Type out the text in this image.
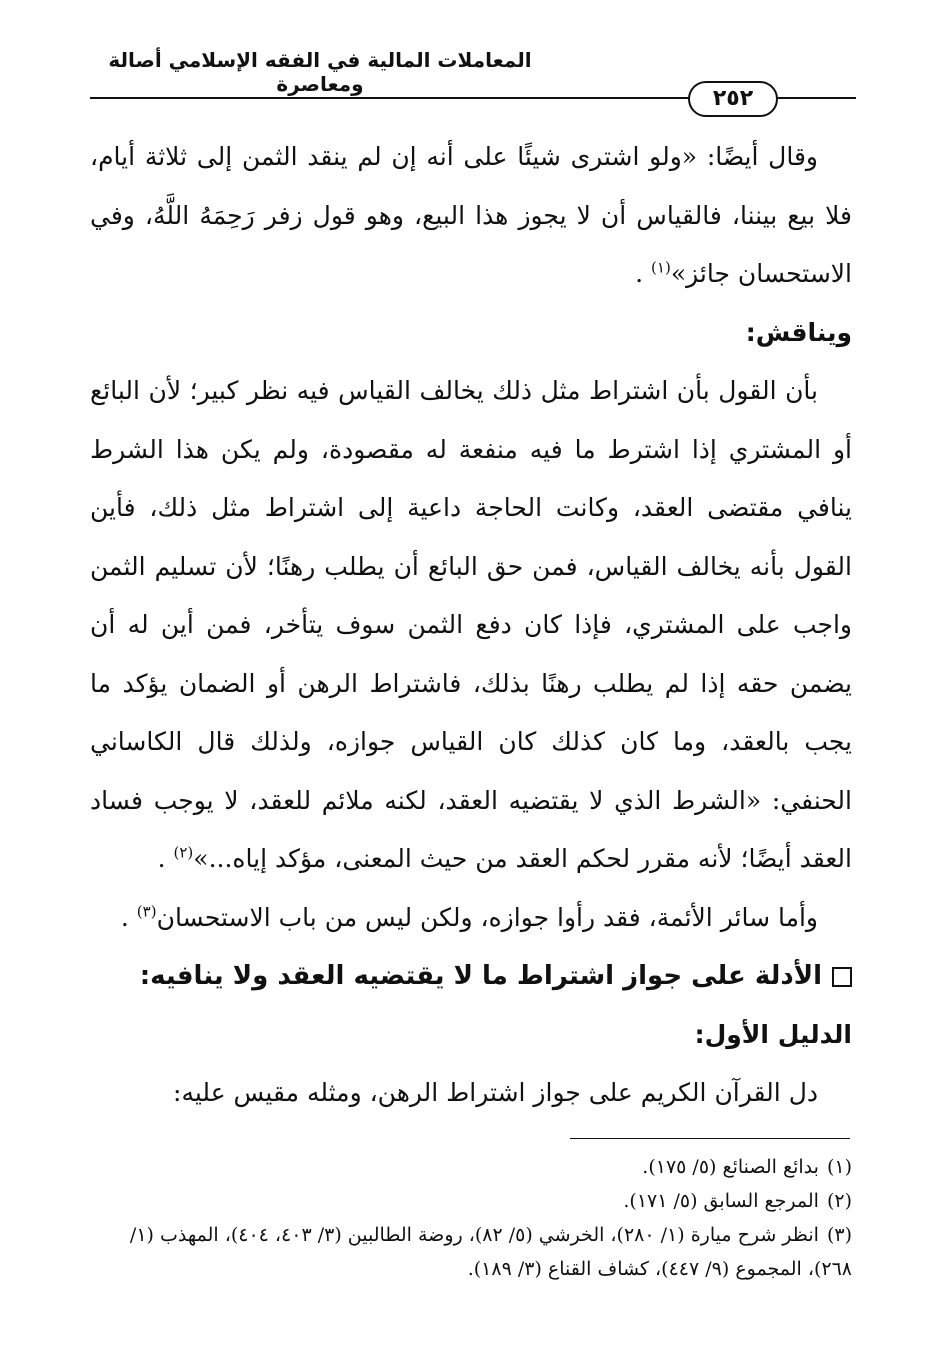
المعاملات المالية في الفقه الإسلامي أصالة ومعاصرة
٢٥٢

وقال أيضًا: «ولو اشترى شيئًا على أنه إن لم ينقد الثمن إلى ثلاثة أيام، فلا بيع بيننا، فالقياس أن لا يجوز هذا البيع، وهو قول زفر رَحِمَهُ اللَّهُ، وفي الاستحسان جائز»$^{(١)}$ .

ويناقش:

بأن القول بأن اشتراط مثل ذلك يخالف القياس فيه نظر كبير؛ لأن البائع أو المشتري إذا اشترط ما فيه منفعة له مقصودة، ولم يكن هذا الشرط ينافي مقتضى العقد، وكانت الحاجة داعية إلى اشتراط مثل ذلك، فأين القول بأنه يخالف القياس، فمن حق البائع أن يطلب رهنًا؛ لأن تسليم الثمن واجب على المشتري، فإذا كان دفع الثمن سوف يتأخر، فمن أين له أن يضمن حقه إذا لم يطلب رهنًا بذلك، فاشتراط الرهن أو الضمان يؤكد ما يجب بالعقد، وما كان كذلك كان القياس جوازه، ولذلك قال الكاساني الحنفي: «الشرط الذي لا يقتضيه العقد، لكنه ملائم للعقد، لا يوجب فساد العقد أيضًا؛ لأنه مقرر لحكم العقد من حيث المعنى، مؤكد إياه...»$^{(٢)}$ .

وأما سائر الأئمة، فقد رأوا جوازه، ولكن ليس من باب الاستحسان$^{(٣)}$ .

الأدلة على جواز اشتراط ما لا يقتضيه العقد ولا ينافيه:

الدليل الأول:

دل القرآن الكريم على جواز اشتراط الرهن، ومثله مقيس عليه:

(١)بدائع الصنائع (٥/ ١٧٥).

(٢)المرجع السابق (٥/ ١٧١).

(٣)انظر شرح ميارة (١/ ٢٨٠)، الخرشي (٥/ ٨٢)، روضة الطالبين (٣/ ٤٠٣، ٤٠٤)، المهذب (١/ ٢٦٨)، المجموع (٩/ ٤٤٧)، كشاف القناع (٣/ ١٨٩).
